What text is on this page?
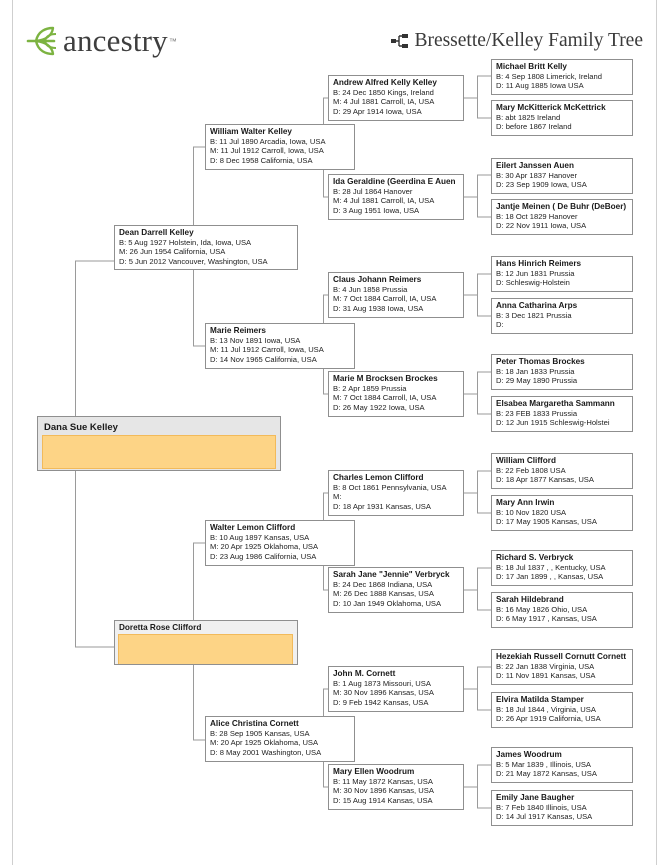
ancestry ™	Bressette/Kelley Family Tree
Dana Sue Kelley
Dean Darrell Kelley
B: 5 Aug 1927 Holstein, Ida, Iowa, USA
M: 26 Jun 1954 California, USA
D: 5 Jun 2012 Vancouver, Washington, USA
Doretta Rose Clifford
William Walter Kelley
B: 11 Jul 1890 Arcadia, Iowa, USA
M: 11 Jul 1912 Carroll, Iowa, USA
D: 8 Dec 1958 California, USA
Marie Reimers
B: 13 Nov 1891 Iowa, USA
M: 11 Jul 1912 Carroll, Iowa, USA
D: 14 Nov 1965 California, USA
Walter Lemon Clifford
B: 10 Aug 1897 Kansas, USA
M: 20 Apr 1925 Oklahoma, USA
D: 23 Aug 1986 California, USA
Alice Christina Cornett
B: 28 Sep 1905 Kansas, USA
M: 20 Apr 1925 Oklahoma, USA
D: 8 May 2001 Washington, USA
Andrew Alfred Kelly Kelley
B: 24 Dec 1850 Kings, Ireland
M: 4 Jul 1881 Carroll, IA, USA
D: 29 Apr 1914 Iowa, USA
Ida Geraldine (Geerdina E Auen
B: 28 Jul 1864 Hanover
M: 4 Jul 1881 Carroll, IA, USA
D: 3 Aug 1951 Iowa, USA
Claus Johann Reimers
B: 4 Jun 1858 Prussia
M: 7 Oct 1884 Carroll, IA, USA
D: 31 Aug 1938 Iowa, USA
Marie M Brocksen Brockes
B: 2 Apr 1859 Prussia
M: 7 Oct 1884 Carroll, IA, USA
D: 26 May 1922 Iowa, USA
Charles Lemon Clifford
B: 8 Oct 1861 Pennsylvania, USA
M:
D: 18 Apr 1931 Kansas, USA
Sarah Jane "Jennie" Verbryck
B: 24 Dec 1868 Indiana, USA
M: 26 Dec 1888 Kansas, USA
D: 10 Jan 1949 Oklahoma, USA
John M. Cornett
B: 1 Aug 1873 Missouri, USA
M: 30 Nov 1896 Kansas, USA
D: 9 Feb 1942 Kansas, USA
Mary Ellen Woodrum
B: 11 May 1872 Kansas, USA
M: 30 Nov 1896 Kansas, USA
D: 15 Aug 1914 Kansas, USA
Michael Britt Kelly
B: 4 Sep 1808 Limerick, Ireland
D: 11 Aug 1885 Iowa USA
Mary McKitterick McKettrick
B: abt 1825 Ireland
D: before 1867 Ireland
Eilert Janssen Auen
B: 30 Apr 1837 Hanover
D: 23 Sep 1909 Iowa, USA
Jantje Meinen ( De Buhr (DeBoer)
B: 18 Oct 1829 Hanover
D: 22 Nov 1911 Iowa, USA
Hans Hinrich Reimers
B: 12 Jun 1831 Prussia
D: Schleswig-Holstein
Anna Catharina Arps
B: 3 Dec 1821 Prussia
D:
Peter Thomas Brockes
B: 18 Jan 1833 Prussia
D: 29 May 1890 Prussia
Elsabea Margaretha Sammann
B: 23 FEB 1833 Prussia
D: 12 Jun 1915 Schleswig-Holstei
William Clifford
B: 22 Feb 1808 USA
D: 18 Apr 1877 Kansas, USA
Mary Ann Irwin
B: 10 Nov 1820 USA
D: 17 May 1905 Kansas, USA
Richard S. Verbryck
B: 18 Jul 1837 , , Kentucky, USA
D: 17 Jan 1899 , , Kansas, USA
Sarah Hildebrand
B: 16 May 1826 Ohio, USA
D: 6 May 1917 , Kansas, USA
Hezekiah Russell Cornutt Cornett
B: 22 Jan 1838 Virginia, USA
D: 11 Nov 1891 Kansas, USA
Elvira Matilda Stamper
B: 18 Jul 1844 , Virginia, USA
D: 26 Apr 1919 California, USA
James Woodrum
B: 5 Mar 1839 , Illinois, USA
D: 21 May 1872 Kansas, USA
Emily Jane Baugher
B: 7 Feb 1840 Illinois, USA
D: 14 Jul 1917 Kansas, USA
